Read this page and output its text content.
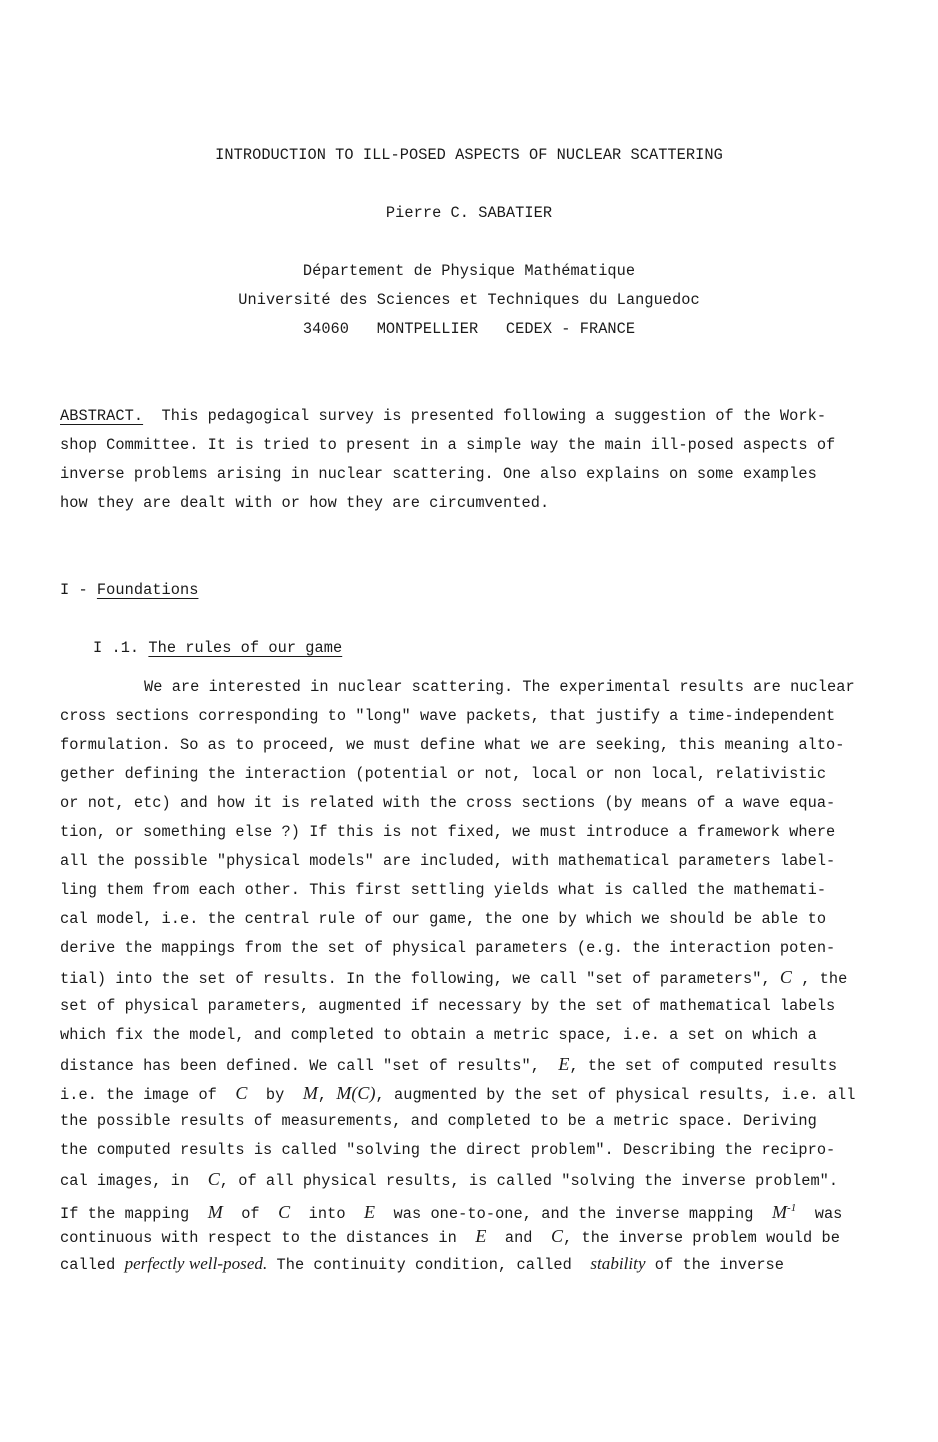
INTRODUCTION TO ILL-POSED ASPECTS OF NUCLEAR SCATTERING
Pierre C. SABATIER
Département de Physique Mathématique
Université des Sciences et Techniques du Languedoc
34060   MONTPELLIER   CEDEX - FRANCE
ABSTRACT.  This pedagogical survey is presented following a suggestion of the Work-
shop Committee. It is tried to present in a simple way the main ill-posed aspects of
inverse problems arising in nuclear scattering. One also explains on some examples
how they are dealt with or how they are circumvented.
I - Foundations
I .1. The rules of our game
We are interested in nuclear scattering. The experimental results are nuclear
cross sections corresponding to "long" wave packets, that justify a time-independent
formulation. So as to proceed, we must define what we are seeking, this meaning alto-
gether defining the interaction (potential or not, local or non local, relativistic
or not, etc) and how it is related with the cross sections (by means of a wave equa-
tion, or something else ?) If this is not fixed, we must introduce a framework where
all the possible "physical models" are included, with mathematical parameters label-
ling them from each other. This first settling yields what is called the mathemati-
cal model, i.e. the central rule of our game, the one by which we should be able to
derive the mappings from the set of physical parameters (e.g. the interaction poten-
tial) into the set of results. In the following, we call "set of parameters", C , the
set of physical parameters, augmented if necessary by the set of mathematical labels
which fix the model, and completed to obtain a metric space, i.e. a set on which a
distance has been defined. We call "set of results",  E, the set of computed results
i.e. the image of  C  by  M, M(C), augmented by the set of physical results, i.e. all
the possible results of measurements, and completed to be a metric space. Deriving
the computed results is called "solving the direct problem". Describing the recipro-
cal images, in  C, of all physical results, is called "solving the inverse problem".
If the mapping  M  of  C  into  E  was one-to-one, and the inverse mapping  $M^{-1}$  was
continuous with respect to the distances in  E  and  C, the inverse problem would be
called perfectly well-posed. The continuity condition, called  stability of the inverse
